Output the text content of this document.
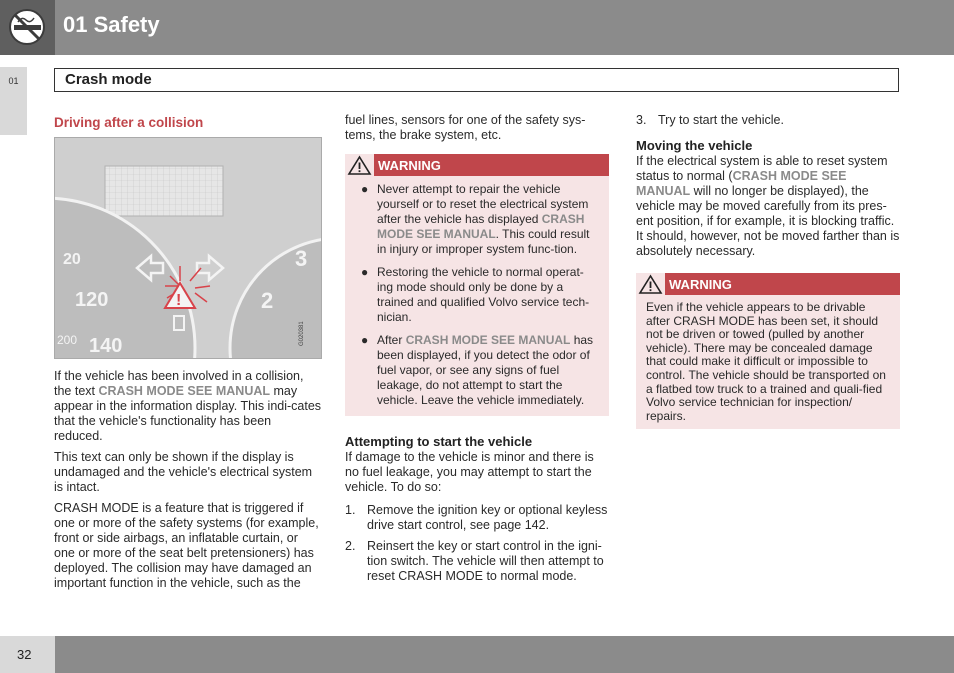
01 Safety
01	Crash mode
Driving after a collision
20
120
200 140
3
2
!
G020381

If the vehicle has been involved in a collision, the text CRASH MODE SEE MANUAL may appear in the information display. This indi-cates that the vehicle's functionality has been reduced.

This text can only be shown if the display is undamaged and the vehicle's electrical system is intact.

CRASH MODE is a feature that is triggered if one or more of the safety systems (for example, front or side airbags, an inflatable curtain, or one or more of the seat belt pretensioners) has deployed. The collision may have damaged an important function in the vehicle, such as the

fuel lines, sensors for one of the safety sys-tems, the brake system, etc.

WARNING
● Never attempt to repair the vehicle yourself or to reset the electrical system after the vehicle has displayed CRASH MODE SEE MANUAL. This could result in injury or improper system func-tion.
● Restoring the vehicle to normal operat-ing mode should only be done by a trained and qualified Volvo service tech-nician.
● After CRASH MODE SEE MANUAL has been displayed, if you detect the odor of fuel vapor, or see any signs of fuel leakage, do not attempt to start the vehicle. Leave the vehicle immediately.
Attempting to start the vehicle

If damage to the vehicle is minor and there is no fuel leakage, you may attempt to start the vehicle. To do so:

1. Remove the ignition key or optional keyless drive start control, see page 142.
2. Reinsert the key or start control in the igni-tion switch. The vehicle will then attempt to reset CRASH MODE to normal mode.
3. Try to start the vehicle.
Moving the vehicle

If the electrical system is able to reset system status to normal (CRASH MODE SEE MANUAL will no longer be displayed), the vehicle may be moved carefully from its pres-ent position, if for example, it is blocking traffic. It should, however, not be moved farther than is absolutely necessary.

WARNING
Even if the vehicle appears to be drivable after CRASH MODE has been set, it should not be driven or towed (pulled by another vehicle). There may be concealed damage that could make it difficult or impossible to control. The vehicle should be transported on a flatbed tow truck to a trained and quali-fied Volvo service technician for inspection/ repairs.
32
